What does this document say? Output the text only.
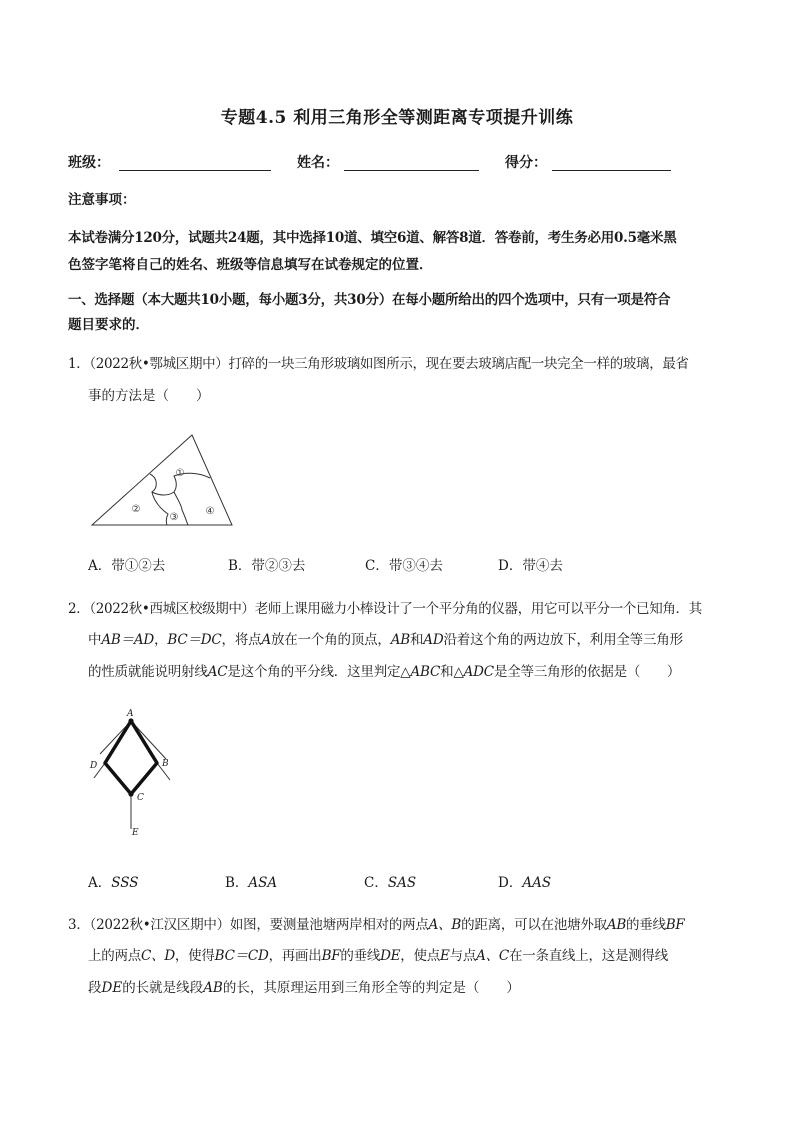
专题4.5 利用三角形全等测距离专项提升训练
班级：	姓名：	得分：
注意事项：
本试卷满分120分，试题共24题，其中选择10道、填空6道、解答8道．答卷前，考生务必用0.5毫米黑
色签字笔将自己的姓名、班级等信息填写在试卷规定的位置．
一、选择题（本大题共10小题，每小题3分，共30分）在每小题所给出的四个选项中，只有一项是符合
题目要求的．
1．（2022秋•鄂城区期中）打碎的一块三角形玻璃如图所示，现在要去玻璃店配一块完全一样的玻璃，最省
事的方法是（　　）
①
②
③
④
A．带①②去	B．带②③去	C．带③④去	D．带④去
2．（2022秋•西城区校级期中）老师上课用磁力小棒设计了一个平分角的仪器，用它可以平分一个已知角．其
中AB＝AD，BC＝DC，将点A放在一个角的顶点，AB和AD沿着这个角的两边放下，利用全等三角形
的性质就能说明射线AC是这个角的平分线．这里判定△ABC和△ADC是全等三角形的依据是（　　）
A
B
C
D
E
A．SSS	B．ASA	C．SAS	D．AAS
3．（2022秋•江汉区期中）如图，要测量池塘两岸相对的两点A、B的距离，可以在池塘外取AB的垂线BF
上的两点C、D，使得BC＝CD，再画出BF的垂线DE，使点E与点A、C在一条直线上，这是测得线
段DE的长就是线段AB的长，其原理运用到三角形全等的判定是（　　）
